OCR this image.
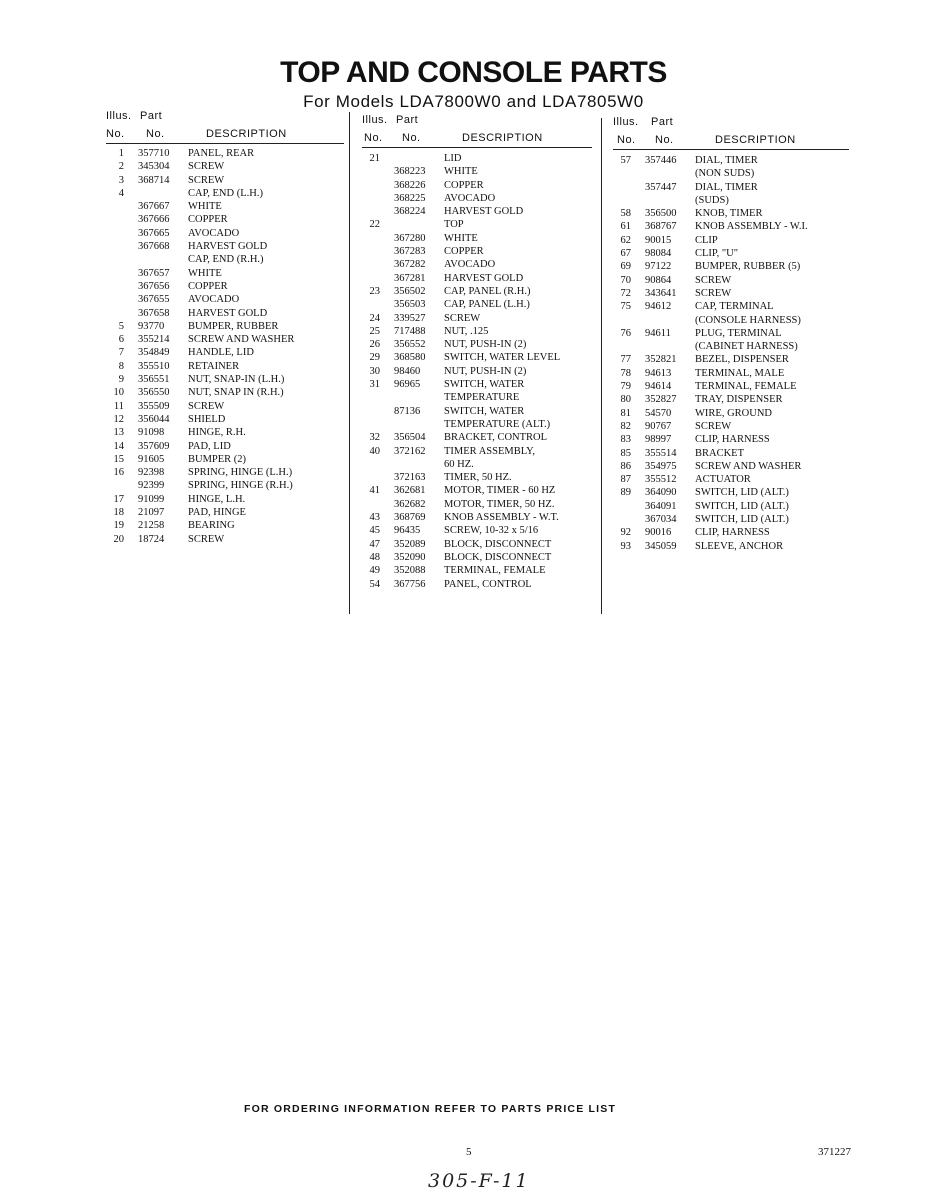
TOP AND CONSOLE PARTS
For Models LDA7800W0 and LDA7805W0
Illus. Part
No. No.	DESCRIPTION
1 357710	PANEL, REAR
2 345304	SCREW
3 368714	SCREW
4	CAP, END (L.H.)
367667	WHITE
367666	COPPER
367665	AVOCADO
367668	HARVEST GOLD
CAP, END (R.H.)
367657	WHITE
367656	COPPER
367655	AVOCADO
367658	HARVEST GOLD
5 93770	BUMPER, RUBBER
6 355214	SCREW AND WASHER
7 354849	HANDLE, LID
8 355510	RETAINER
9 356551	NUT, SNAP-IN (L.H.)
10 356550	NUT, SNAP IN (R.H.)
11 355509	SCREW
12 356044	SHIELD
13 91098	HINGE, R.H.
14 357609	PAD, LID
15 91605	BUMPER (2)
16 92398	SPRING, HINGE (L.H.)
92399	SPRING, HINGE (R.H.)
17 91099	HINGE, L.H.
18 21097	PAD, HINGE
19 21258	BEARING
20 18724	SCREW
Illus. Part
No. No.	DESCRIPTION
21	LID
368223	WHITE
368226	COPPER
368225	AVOCADO
368224	HARVEST GOLD
22	TOP
367280	WHITE
367283	COPPER
367282	AVOCADO
367281	HARVEST GOLD
23 356502	CAP, PANEL (R.H.)
356503	CAP, PANEL (L.H.)
24 339527	SCREW
25 717488	NUT, .125
26 356552	NUT, PUSH-IN (2)
29 368580	SWITCH, WATER LEVEL
30 98460	NUT, PUSH-IN (2)
31 96965	SWITCH, WATER
TEMPERATURE
87136	SWITCH, WATER
TEMPERATURE (ALT.)
32 356504	BRACKET, CONTROL
40 372162	TIMER ASSEMBLY,
60 HZ.
372163	TIMER, 50 HZ.
41 362681	MOTOR, TIMER - 60 HZ
362682	MOTOR, TIMER, 50 HZ.
43 368769	KNOB ASSEMBLY - W.T.
45 96435	SCREW, 10-32 x 5/16
47 352089	BLOCK, DISCONNECT
48 352090	BLOCK, DISCONNECT
49 352088	TERMINAL, FEMALE
54 367756	PANEL, CONTROL
Illus. Part
No. No.	DESCRIPTION
57 357446	DIAL, TIMER
(NON SUDS)
357447	DIAL, TIMER
(SUDS)
58 356500	KNOB, TIMER
61 368767	KNOB ASSEMBLY - W.I.
62 90015	CLIP
67 98084	CLIP, "U"
69 97122	BUMPER, RUBBER (5)
70 90864	SCREW
72 343641	SCREW
75 94612	CAP, TERMINAL
(CONSOLE HARNESS)
76 94611	PLUG, TERMINAL
(CABINET HARNESS)
77 352821	BEZEL, DISPENSER
78 94613	TERMINAL, MALE
79 94614	TERMINAL, FEMALE
80 352827	TRAY, DISPENSER
81 54570	WIRE, GROUND
82 90767	SCREW
83 98997	CLIP, HARNESS
85 355514	BRACKET
86 354975	SCREW AND WASHER
87 355512	ACTUATOR
89 364090	SWITCH, LID (ALT.)
364091	SWITCH, LID (ALT.)
367034	SWITCH, LID (ALT.)
92 90016	CLIP, HARNESS
93 345059	SLEEVE, ANCHOR
FOR ORDERING INFORMATION REFER TO PARTS PRICE LIST
5	371227
305-F-11
